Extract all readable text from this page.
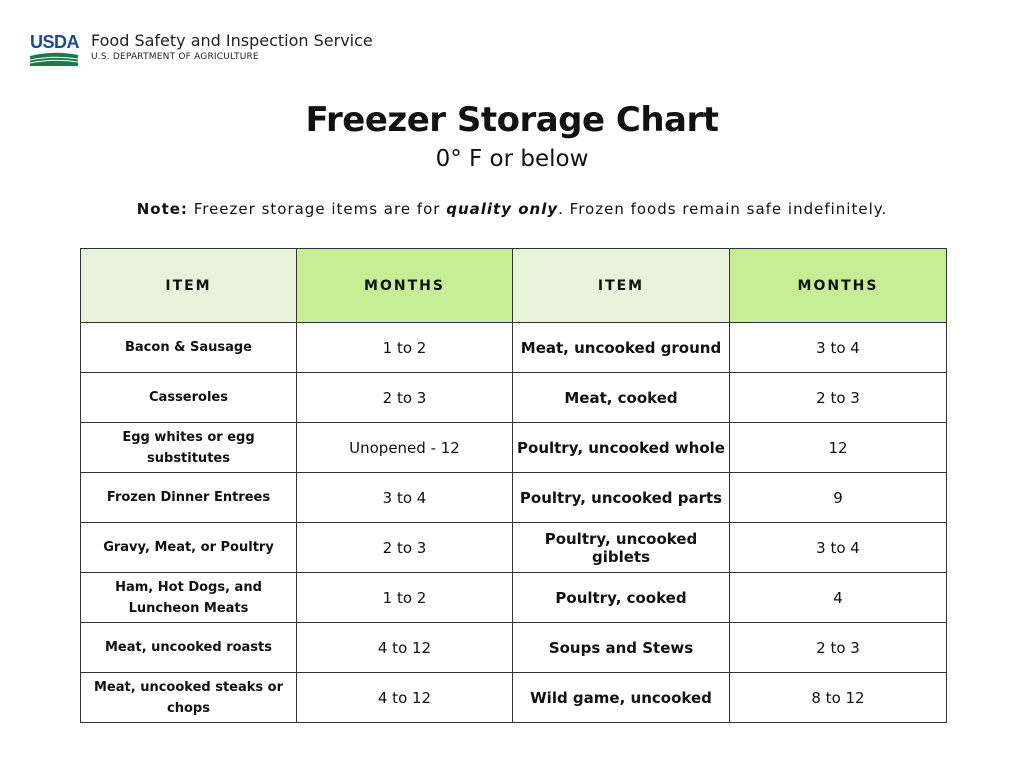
USDA Food Safety and Inspection Service
U.S. DEPARTMENT OF AGRICULTURE
Freezer Storage Chart
0° F or below
Note: Freezer storage items are for quality only. Frozen foods remain safe indefinitely.
ITEM	MONTHS	ITEM	MONTHS
Bacon & Sausage	1 to 2	Meat, uncooked ground	3 to 4
Casseroles	2 to 3	Meat, cooked	2 to 3
Egg whites or egg substitutes	Unopened - 12	Poultry, uncooked whole	12
Frozen Dinner Entrees	3 to 4	Poultry, uncooked parts	9
Gravy, Meat, or Poultry	2 to 3	Poultry, uncooked giblets	3 to 4
Ham, Hot Dogs, and Luncheon Meats	1 to 2	Poultry, cooked	4
Meat, uncooked roasts	4 to 12	Soups and Stews	2 to 3
Meat, uncooked steaks or chops	4 to 12	Wild game, uncooked	8 to 12
